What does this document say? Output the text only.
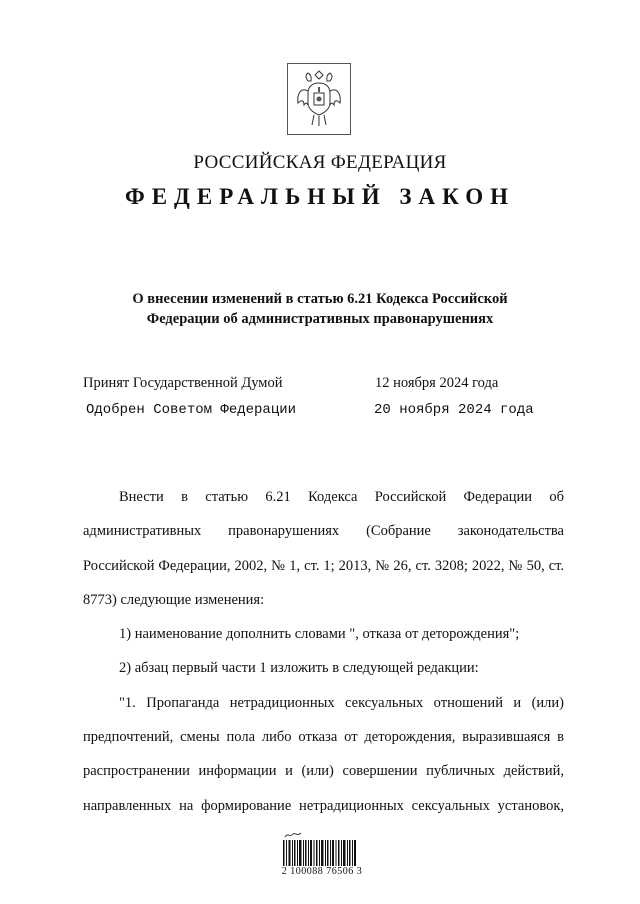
РОССИЙСКАЯ ФЕДЕРАЦИЯ
ФЕДЕРАЛЬНЫЙ ЗАКОН
О внесении изменений в статью 6.21 Кодекса Российской
Федерации об административных правонарушениях
Принят Государственной Думой	12 ноября 2024 года
Одобрен Советом Федерации	20 ноября 2024 года

Внести в статью 6.21 Кодекса Российской Федерации об административных правонарушениях (Собрание законодательства Российской Федерации, 2002, № 1, ст. 1; 2013, № 26, ст. 3208; 2022, № 50, ст. 8773) следующие изменения:

1) наименование дополнить словами ", отказа от деторождения";

2) абзац первый части 1 изложить в следующей редакции:

"1. Пропаганда нетрадиционных сексуальных отношений и (или) предпочтений, смены пола либо отказа от деторождения, выразившаяся в распространении информации и (или) совершении публичных действий, направленных на формирование нетрадиционных сексуальных установок,

2 100088 76506 3
